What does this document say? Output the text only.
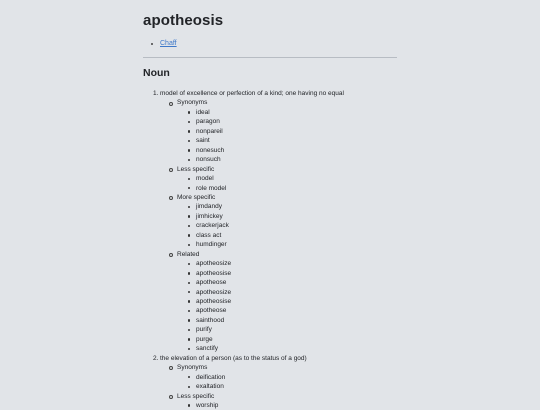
apotheosis
Chaff
Noun
1. model of excellence or perfection of a kind; one having no equal
Synonyms
ideal
paragon
nonpareil
saint
nonesuch
nonsuch
Less specific
model
role model
More specific
jimdandy
jimhickey
crackerjack
class act
humdinger
Related
apotheosize
apotheosise
apotheose
apotheosize
apotheosise
apotheose
sainthood
purify
purge
sanctify
2. the elevation of a person (as to the status of a god)
Synonyms
deification
exaltation
Less specific
worship
